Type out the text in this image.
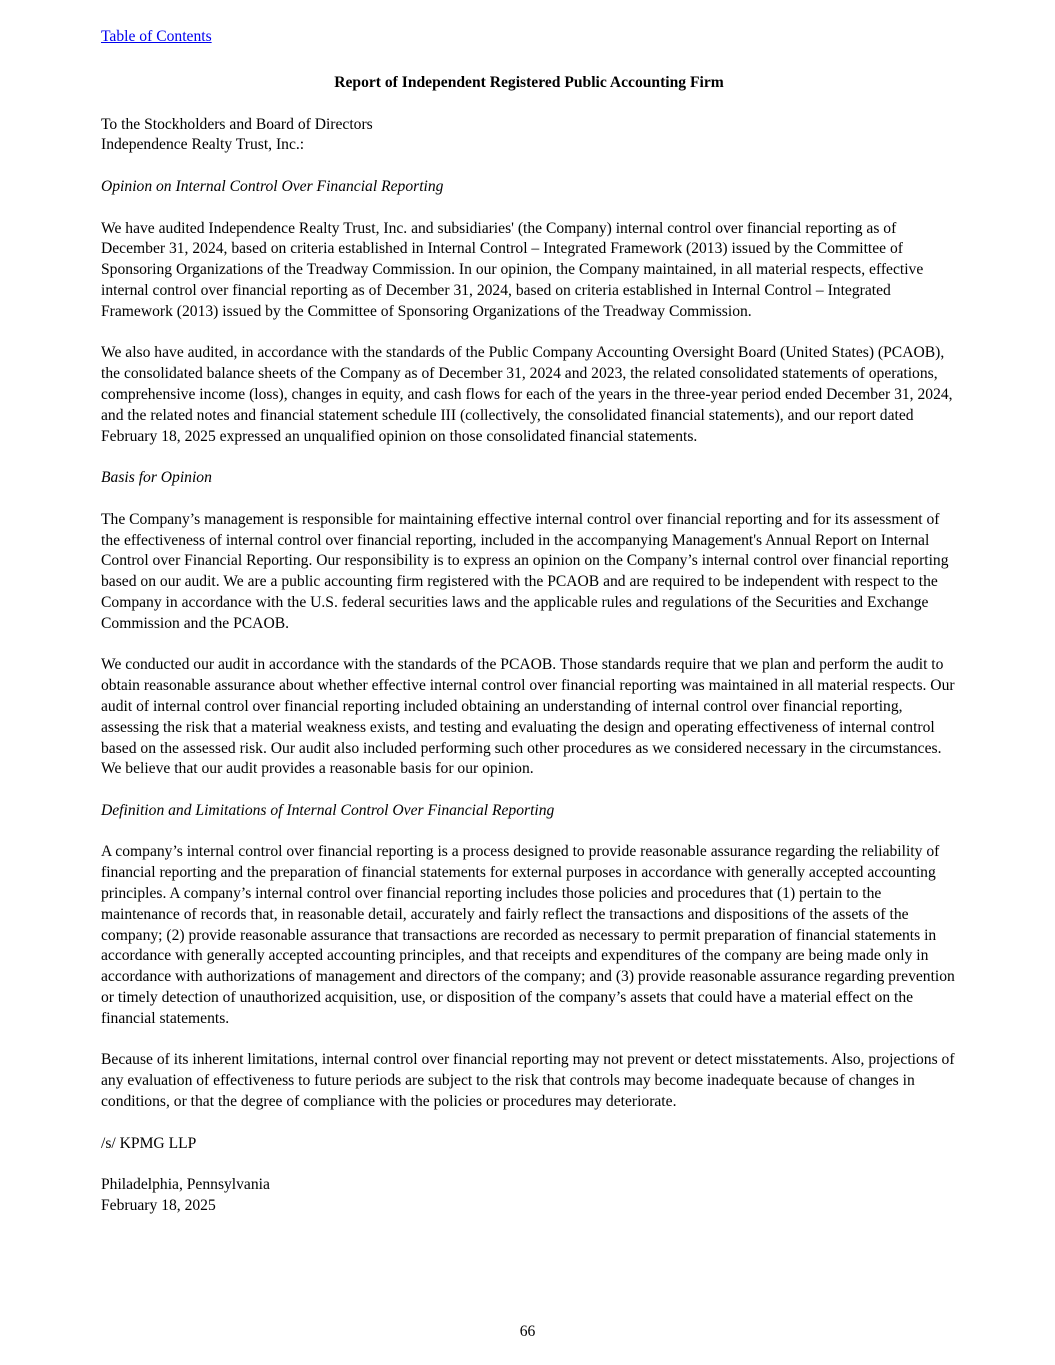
Table of Contents
Report of Independent Registered Public Accounting Firm
To the Stockholders and Board of Directors
Independence Realty Trust, Inc.:
Opinion on Internal Control Over Financial Reporting

We have audited Independence Realty Trust, Inc. and subsidiaries' (the Company) internal control over financial reporting as of December 31, 2024, based on criteria established in Internal Control – Integrated Framework (2013) issued by the Committee of Sponsoring Organizations of the Treadway Commission. In our opinion, the Company maintained, in all material respects, effective internal control over financial reporting as of December 31, 2024, based on criteria established in Internal Control – Integrated Framework (2013) issued by the Committee of Sponsoring Organizations of the Treadway Commission.

We also have audited, in accordance with the standards of the Public Company Accounting Oversight Board (United States) (PCAOB), the consolidated balance sheets of the Company as of December 31, 2024 and 2023, the related consolidated statements of operations, comprehensive income (loss), changes in equity, and cash flows for each of the years in the three-year period ended December 31, 2024, and the related notes and financial statement schedule III (collectively, the consolidated financial statements), and our report dated February 18, 2025 expressed an unqualified opinion on those consolidated financial statements.

Basis for Opinion

The Company’s management is responsible for maintaining effective internal control over financial reporting and for its assessment of the effectiveness of internal control over financial reporting, included in the accompanying Management's Annual Report on Internal Control over Financial Reporting. Our responsibility is to express an opinion on the Company’s internal control over financial reporting based on our audit. We are a public accounting firm registered with the PCAOB and are required to be independent with respect to the Company in accordance with the U.S. federal securities laws and the applicable rules and regulations of the Securities and Exchange Commission and the PCAOB.

We conducted our audit in accordance with the standards of the PCAOB. Those standards require that we plan and perform the audit to obtain reasonable assurance about whether effective internal control over financial reporting was maintained in all material respects. Our audit of internal control over financial reporting included obtaining an understanding of internal control over financial reporting, assessing the risk that a material weakness exists, and testing and evaluating the design and operating effectiveness of internal control based on the assessed risk. Our audit also included performing such other procedures as we considered necessary in the circumstances. We believe that our audit provides a reasonable basis for our opinion.

Definition and Limitations of Internal Control Over Financial Reporting

A company’s internal control over financial reporting is a process designed to provide reasonable assurance regarding the reliability of financial reporting and the preparation of financial statements for external purposes in accordance with generally accepted accounting principles. A company’s internal control over financial reporting includes those policies and procedures that (1) pertain to the maintenance of records that, in reasonable detail, accurately and fairly reflect the transactions and dispositions of the assets of the company; (2) provide reasonable assurance that transactions are recorded as necessary to permit preparation of financial statements in accordance with generally accepted accounting principles, and that receipts and expenditures of the company are being made only in accordance with authorizations of management and directors of the company; and (3) provide reasonable assurance regarding prevention or timely detection of unauthorized acquisition, use, or disposition of the company’s assets that could have a material effect on the financial statements.

Because of its inherent limitations, internal control over financial reporting may not prevent or detect misstatements. Also, projections of any evaluation of effectiveness to future periods are subject to the risk that controls may become inadequate because of changes in conditions, or that the degree of compliance with the policies or procedures may deteriorate.

/s/ KPMG LLP
Philadelphia, Pennsylvania
February 18, 2025
66
